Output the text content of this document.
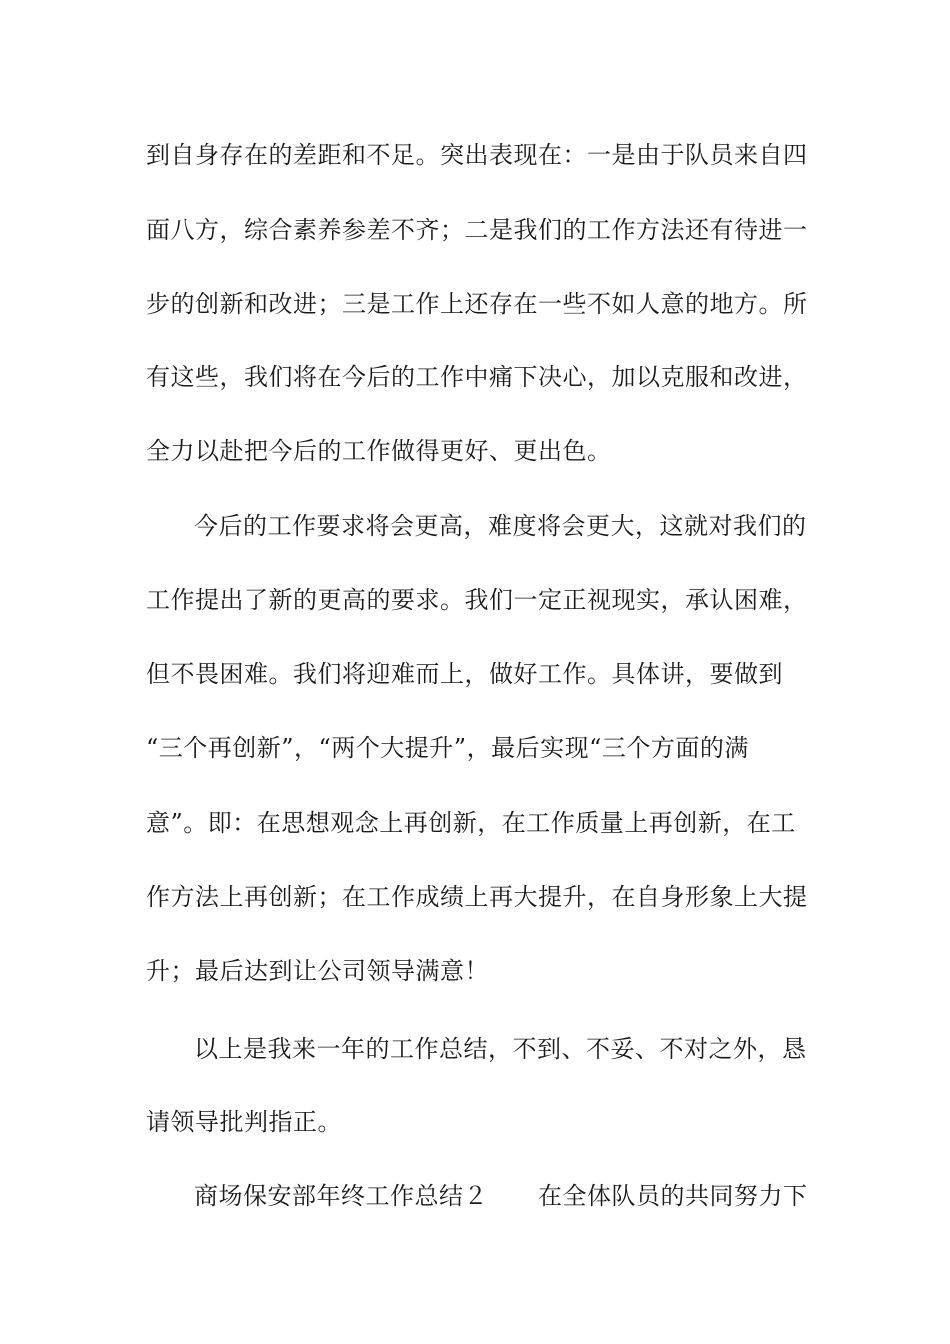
到自身存在的差距和不足。突出表现在：一是由于队员来自四
面八方，综合素养参差不齐；二是我们的工作方法还有待进一
步的创新和改进；三是工作上还存在一些不如人意的地方。所
有这些，我们将在今后的工作中痛下决心，加以克服和改进，
全力以赴把今后的工作做得更好、更出色。
今后的工作要求将会更高，难度将会更大，这就对我们的
工作提出了新的更高的要求。我们一定正视现实，承认困难，
但不畏困难。我们将迎难而上，做好工作。具体讲，要做到
“三个再创新”，“两个大提升”，最后实现“三个方面的满
意”。即：在思想观念上再创新，在工作质量上再创新，在工
作方法上再创新；在工作成绩上再大提升，在自身形象上大提
升；最后达到让公司领导满意！
以上是我来一年的工作总结，不到、不妥、不对之外，恳
请领导批判指正。
商场保安部年终工作总结２ 在全体队员的共同努力下
